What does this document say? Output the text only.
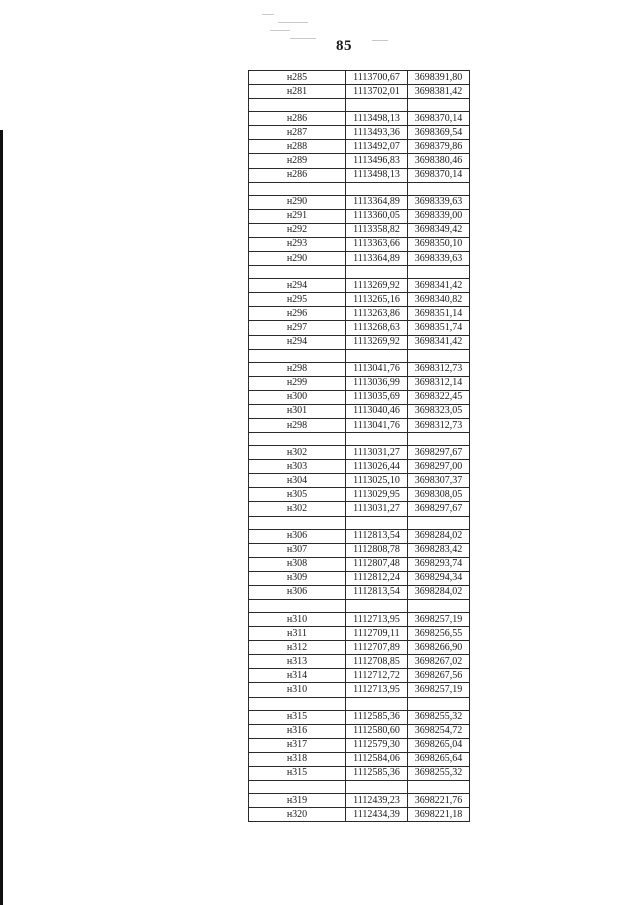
85
н285	1113700,67	3698391,80
н281	1113702,01	3698381,42

н286	1113498,13	3698370,14
н287	1113493,36	3698369,54
н288	1113492,07	3698379,86
н289	1113496,83	3698380,46
н286	1113498,13	3698370,14

н290	1113364,89	3698339,63
н291	1113360,05	3698339,00
н292	1113358,82	3698349,42
н293	1113363,66	3698350,10
н290	1113364,89	3698339,63

н294	1113269,92	3698341,42
н295	1113265,16	3698340,82
н296	1113263,86	3698351,14
н297	1113268,63	3698351,74
н294	1113269,92	3698341,42

н298	1113041,76	3698312,73
н299	1113036,99	3698312,14
н300	1113035,69	3698322,45
н301	1113040,46	3698323,05
н298	1113041,76	3698312,73

н302	1113031,27	3698297,67
н303	1113026,44	3698297,00
н304	1113025,10	3698307,37
н305	1113029,95	3698308,05
н302	1113031,27	3698297,67

н306	1112813,54	3698284,02
н307	1112808,78	3698283,42
н308	1112807,48	3698293,74
н309	1112812,24	3698294,34
н306	1112813,54	3698284,02

н310	1112713,95	3698257,19
н311	1112709,11	3698256,55
н312	1112707,89	3698266,90
н313	1112708,85	3698267,02
н314	1112712,72	3698267,56
н310	1112713,95	3698257,19

н315	1112585,36	3698255,32
н316	1112580,60	3698254,72
н317	1112579,30	3698265,04
н318	1112584,06	3698265,64
н315	1112585,36	3698255,32

н319	1112439,23	3698221,76
н320	1112434,39	3698221,18
